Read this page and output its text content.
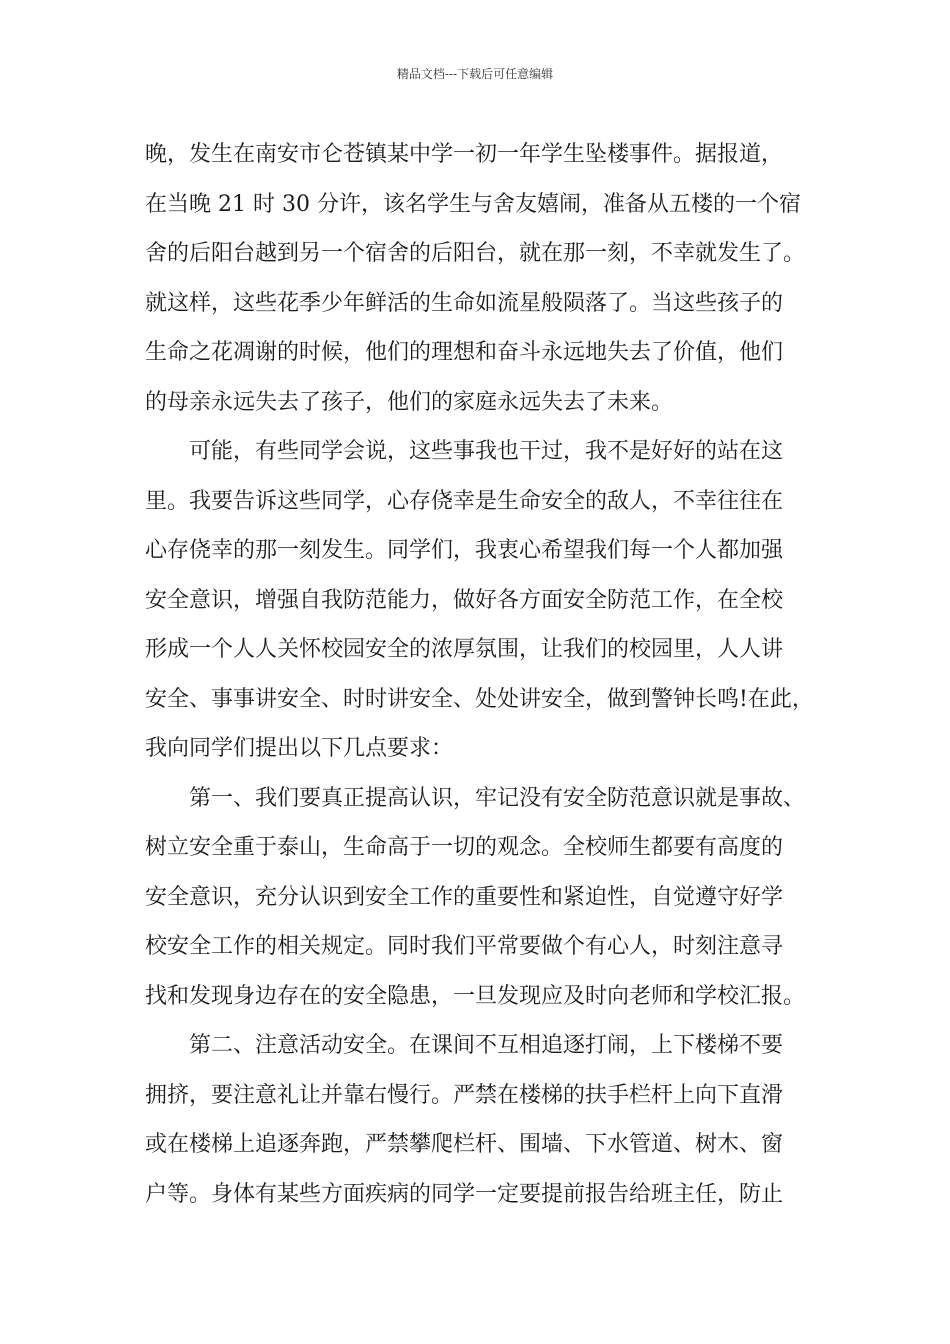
精品文档---下载后可任意编辑
晚，发生在南安市仑苍镇某中学一初一年学生坠楼事件。据报道，
在当晚 21 时 30 分许，该名学生与舍友嬉闹，准备从五楼的一个宿
舍的后阳台越到另一个宿舍的后阳台，就在那一刻，不幸就发生了。
就这样，这些花季少年鲜活的生命如流星般陨落了。当这些孩子的
生命之花凋谢的时候，他们的理想和奋斗永远地失去了价值，他们
的母亲永远失去了孩子，他们的家庭永远失去了未来。
可能，有些同学会说，这些事我也干过，我不是好好的站在这
里。我要告诉这些同学，心存侥幸是生命安全的敌人，不幸往往在
心存侥幸的那一刻发生。同学们，我衷心希望我们每一个人都加强
安全意识，增强自我防范能力，做好各方面安全防范工作，在全校
形成一个人人关怀校园安全的浓厚氛围，让我们的校园里，人人讲
安全、事事讲安全、时时讲安全、处处讲安全，做到警钟长鸣!在此，
我向同学们提出以下几点要求：
第一、我们要真正提高认识，牢记没有安全防范意识就是事故、
树立安全重于泰山，生命高于一切的观念。全校师生都要有高度的
安全意识，充分认识到安全工作的重要性和紧迫性，自觉遵守好学
校安全工作的相关规定。同时我们平常要做个有心人，时刻注意寻
找和发现身边存在的安全隐患，一旦发现应及时向老师和学校汇报。
第二、注意活动安全。在课间不互相追逐打闹，上下楼梯不要
拥挤，要注意礼让并靠右慢行。严禁在楼梯的扶手栏杆上向下直滑
或在楼梯上追逐奔跑，严禁攀爬栏杆、围墙、下水管道、树木、窗
户等。身体有某些方面疾病的同学一定要提前报告给班主任，防止
